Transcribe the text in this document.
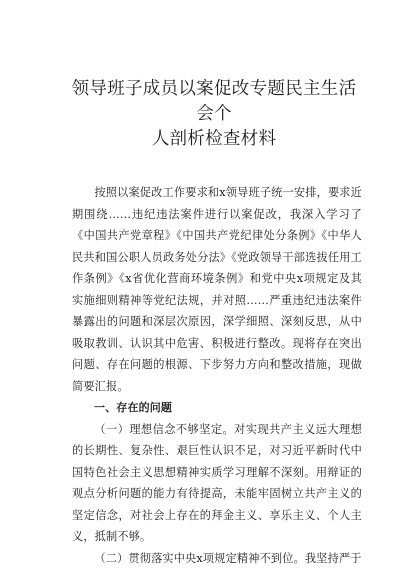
领导班子成员以案促改专题民主生活会个
人剖析检查材料

按照以案促改工作要求和x领导班子统一安排，要求近期围绕……违纪违法案件进行以案促改，我深入学习了《中国共产党章程》《中国共产党纪律处分条例》《中华人民共和国公职人员政务处分法》《党政领导干部选拔任用工作条例》《x省优化营商环境条例》和党中央x项规定及其实施细则精神等党纪法规，并对照……严重违纪违法案件暴露出的问题和深层次原因，深学细照、深刻反思，从中吸取教训、认识其中危害、积极进行整改。现将存在突出问题、存在问题的根源、下步努力方向和整改措施，现做简要汇报。

一、存在的问题

（一）理想信念不够坚定。对实现共产主义远大理想的长期性、复杂性、艰巨性认识不足，对习近平新时代中国特色社会主义思想精神实质学习理解不深刻。用辩证的观点分析问题的能力有待提高，未能牢固树立共产主义的坚定信念，对社会上存在的拜金主义、享乐主义、个人主义，抵制不够。

（二）贯彻落实中央x项规定精神不到位。我坚持严于
